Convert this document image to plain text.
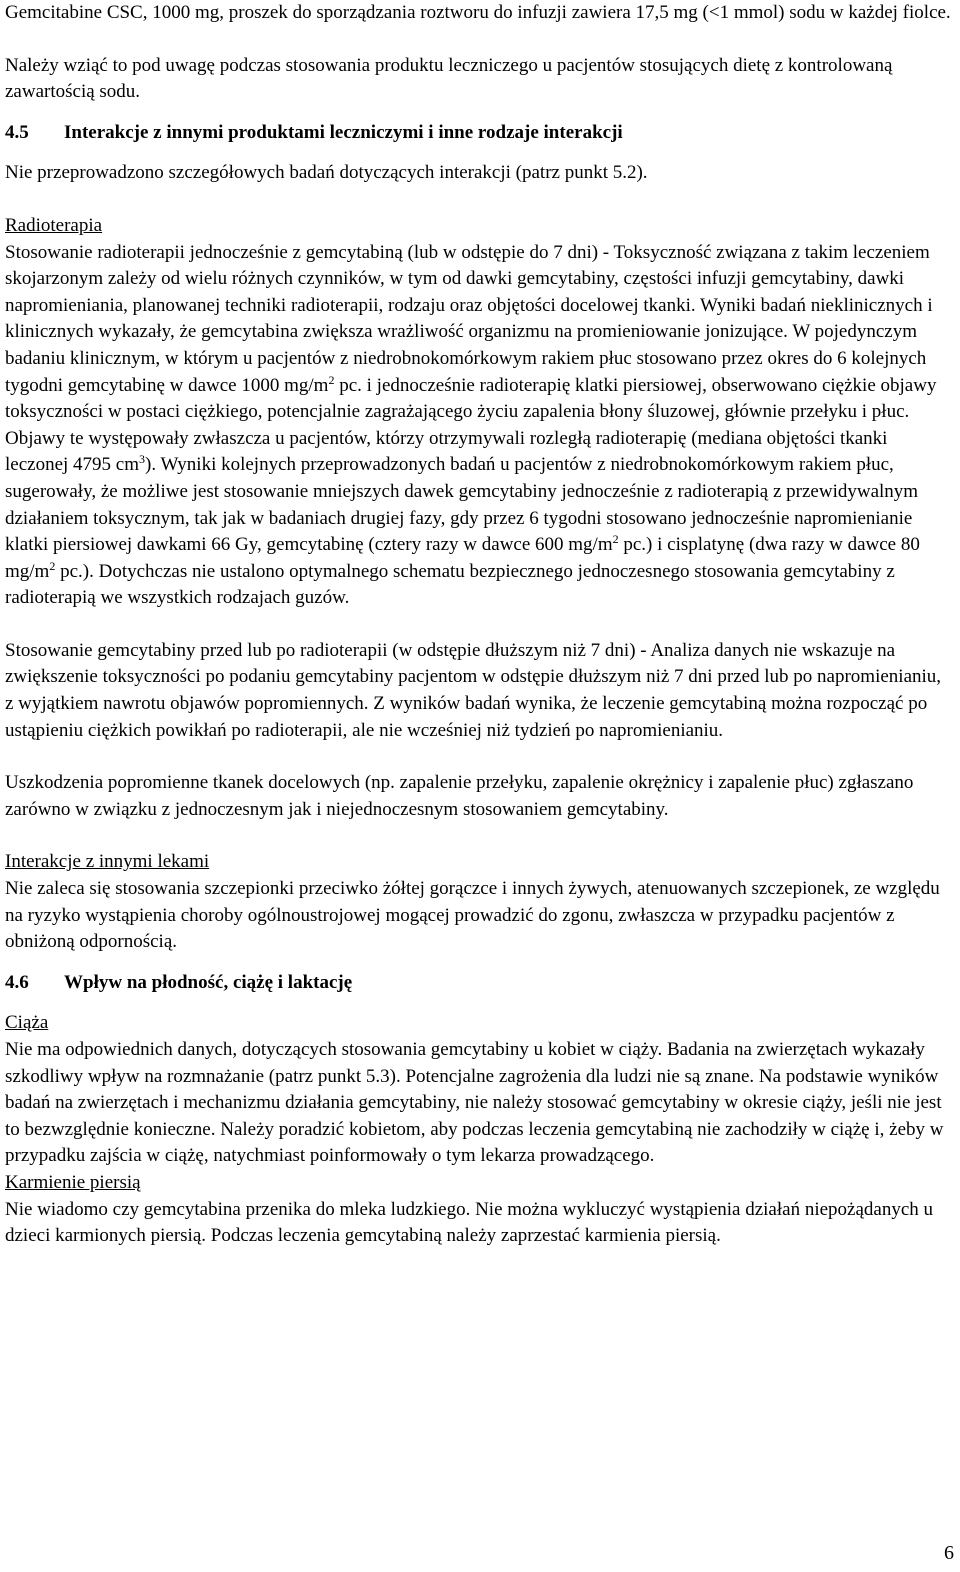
Gemcitabine CSC, 1000 mg, proszek do sporządzania roztworu do infuzji zawiera 17,5 mg (<1 mmol) sodu w każdej fiolce.

Należy wziąć to pod uwagę podczas stosowania produktu leczniczego u pacjentów stosujących dietę z kontrolowaną zawartością sodu.

4.5 Interakcje z innymi produktami leczniczymi i inne rodzaje interakcji

Nie przeprowadzono szczegółowych badań dotyczących interakcji (patrz punkt 5.2).

Radioterapia

Stosowanie radioterapii jednocześnie z gemcytabiną (lub w odstępie do 7 dni) - Toksyczność związana z takim leczeniem skojarzonym zależy od wielu różnych czynników, w tym od dawki gemcytabiny, częstości infuzji gemcytabiny, dawki napromieniania, planowanej techniki radioterapii, rodzaju oraz objętości docelowej tkanki. Wyniki badań nieklinicznych i klinicznych wykazały, że gemcytabina zwiększa wrażliwość organizmu na promieniowanie jonizujące. W pojedynczym badaniu klinicznym, w którym u pacjentów z niedrobnokomórkowym rakiem płuc stosowano przez okres do 6 kolejnych tygodni gemcytabinę w dawce 1000 $mg/m^2$ pc. i jednocześnie radioterapię klatki piersiowej, obserwowano ciężkie objawy toksyczności w postaci ciężkiego, potencjalnie zagrażającego życiu zapalenia błony śluzowej, głównie przełyku i płuc. Objawy te występowały zwłaszcza u pacjentów, którzy otrzymywali rozległą radioterapię (mediana objętości tkanki leczonej 4795 $cm^3$). Wyniki kolejnych przeprowadzonych badań u pacjentów z niedrobnokomórkowym rakiem płuc, sugerowały, że możliwe jest stosowanie mniejszych dawek gemcytabiny jednocześnie z radioterapią z przewidywalnym działaniem toksycznym, tak jak w badaniach drugiej fazy, gdy przez 6 tygodni stosowano jednocześnie napromienianie klatki piersiowej dawkami 66 Gy, gemcytabinę (cztery razy w dawce 600 $mg/m^2$ pc.) i cisplatynę (dwa razy w dawce 80 $mg/m^2$ pc.). Dotychczas nie ustalono optymalnego schematu bezpiecznego jednoczesnego stosowania gemcytabiny z radioterapią we wszystkich rodzajach guzów.

Stosowanie gemcytabiny przed lub po radioterapii (w odstępie dłuższym niż 7 dni) - Analiza danych nie wskazuje na zwiększenie toksyczności po podaniu gemcytabiny pacjentom w odstępie dłuższym niż 7 dni przed lub po napromienianiu, z wyjątkiem nawrotu objawów popromiennych. Z wyników badań wynika, że leczenie gemcytabiną można rozpocząć po ustąpieniu ciężkich powikłań po radioterapii, ale nie wcześniej niż tydzień po napromienianiu.

Uszkodzenia popromienne tkanek docelowych (np. zapalenie przełyku, zapalenie okrężnicy i zapalenie płuc) zgłaszano zarówno w związku z jednoczesnym jak i niejednoczesnym stosowaniem gemcytabiny.

Interakcje z innymi lekami

Nie zaleca się stosowania szczepionki przeciwko żółtej gorączce i innych żywych, atenuowanych szczepionek, ze względu na ryzyko wystąpienia choroby ogólnoustrojowej mogącej prowadzić do zgonu, zwłaszcza w przypadku pacjentów z obniżoną odpornością.

4.6 Wpływ na płodność, ciążę i laktację

Ciąża

Nie ma odpowiednich danych, dotyczących stosowania gemcytabiny u kobiet w ciąży. Badania na zwierzętach wykazały szkodliwy wpływ na rozmnażanie (patrz punkt 5.3). Potencjalne zagrożenia dla ludzi nie są znane. Na podstawie wyników badań na zwierzętach i mechanizmu działania gemcytabiny, nie należy stosować gemcytabiny w okresie ciąży, jeśli nie jest to bezwzględnie konieczne. Należy poradzić kobietom, aby podczas leczenia gemcytabiną nie zachodziły w ciążę i, żeby w przypadku zajścia w ciążę, natychmiast poinformowały o tym lekarza prowadzącego.

Karmienie piersią

Nie wiadomo czy gemcytabina przenika do mleka ludzkiego. Nie można wykluczyć wystąpienia działań niepożądanych u dzieci karmionych piersią. Podczas leczenia gemcytabiną należy zaprzestać karmienia piersią.

6
